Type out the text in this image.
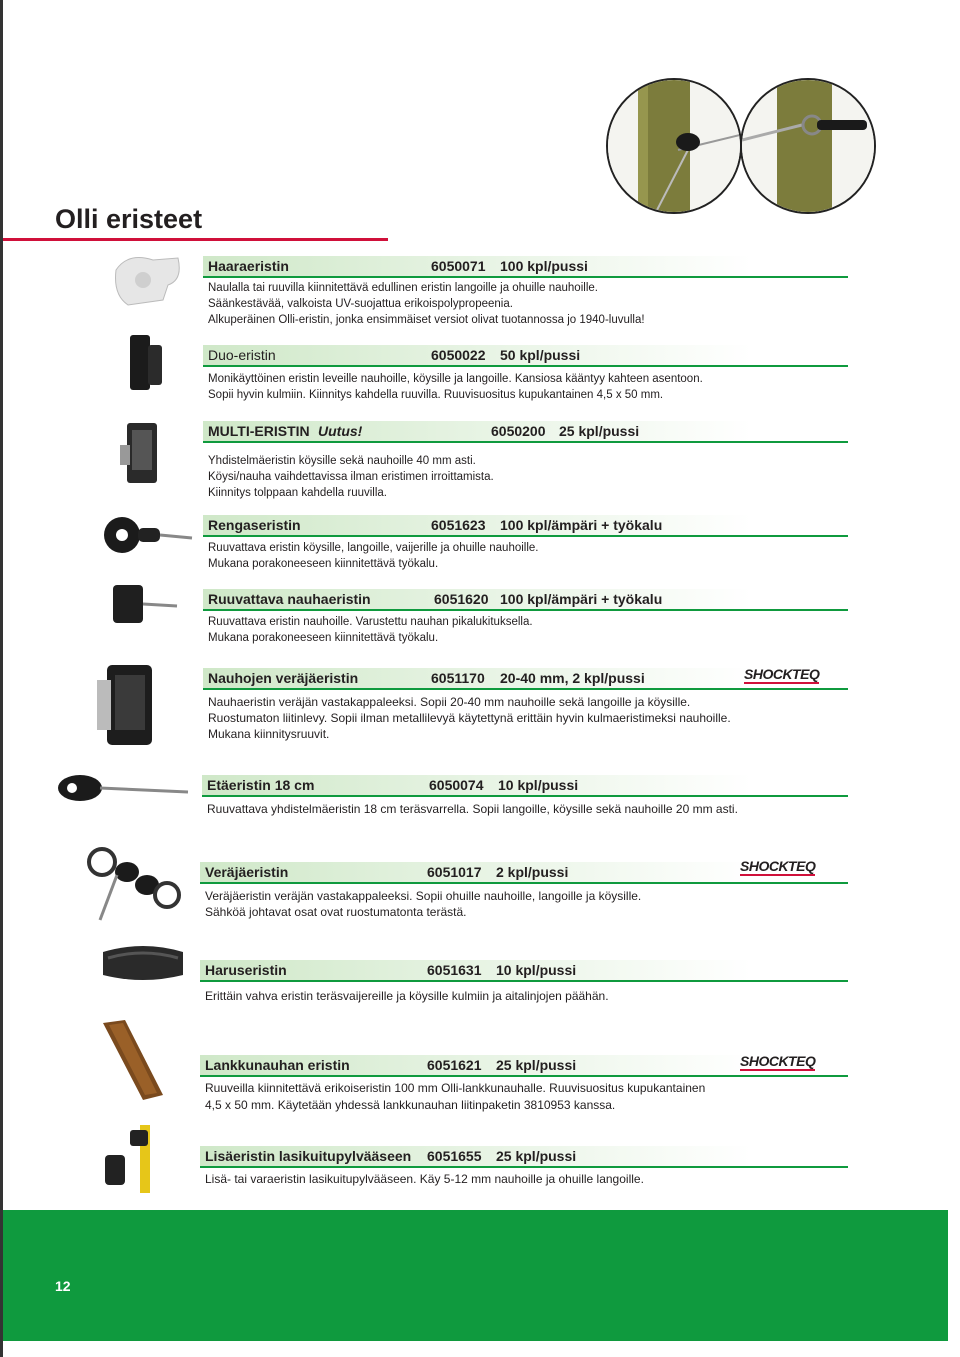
12
Olli eristeet
Haaraeristin	6050071 100 kpl/pussi
Naulalla tai ruuvilla kiinnitettävä edullinen eristin langoille ja ohuille nauhoille.
Säänkestävää, valkoista UV-suojattua erikoispolypropeenia.
Alkuperäinen Olli-eristin, jonka ensimmäiset versiot olivat tuotannossa jo 1940-luvulla!
Duo-eristin	6050022 50 kpl/pussi
Monikäyttöinen eristin leveille nauhoille, köysille ja langoille. Kansiosa kääntyy kahteen asentoon.
Sopii hyvin kulmiin. Kiinnitys kahdella ruuvilla. Ruuvisuositus kupukantainen 4,5 x 50 mm.
MULTI-ERISTIN Uutus!	6050200 25 kpl/pussi
Yhdistelmäeristin köysille sekä nauhoille 40 mm asti.
Köysi/nauha vaihdettavissa ilman eristimen irroittamista.
Kiinnitys tolppaan kahdella ruuvilla.
Rengaseristin	6051623 100 kpl/ämpäri + työkalu
Ruuvattava eristin köysille, langoille, vaijerille ja ohuille nauhoille.
Mukana porakoneeseen kiinnitettävä työkalu.
Ruuvattava nauhaeristin	6051620 100 kpl/ämpäri + työkalu
Ruuvattava eristin nauhoille. Varustettu nauhan pikalukituksella.
Mukana porakoneeseen kiinnitettävä työkalu.
Nauhojen veräjäeristin	6051170 20-40 mm, 2 kpl/pussi	SHOCKTEQ
Nauhaeristin veräjän vastakappaleeksi. Sopii 20-40 mm nauhoille sekä langoille ja köysille.
Ruostumaton liitinlevy. Sopii ilman metallilevyä käytettynä erittäin hyvin kulmaeristimeksi nauhoille.
Mukana kiinnitysruuvit.
Etäeristin 18 cm	6050074 10 kpl/pussi
Ruuvattava yhdistelmäeristin 18 cm teräsvarrella. Sopii langoille, köysille sekä nauhoille 20 mm asti.
Veräjäeristin	6051017 2 kpl/pussi	SHOCKTEQ
Veräjäeristin veräjän vastakappaleeksi. Sopii ohuille nauhoille, langoille ja köysille.
Sähköä johtavat osat ovat ruostumatonta terästä.
Haruseristin	6051631 10 kpl/pussi
Erittäin vahva eristin teräsvaijereille ja köysille kulmiin ja aitalinjojen päähän.
Lankkunauhan eristin	6051621 25 kpl/pussi	SHOCKTEQ
Ruuveilla kiinnitettävä erikoiseristin 100 mm Olli-lankkunauhalle. Ruuvisuositus kupukantainen
4,5 x 50 mm. Käytetään yhdessä lankkunauhan liitinpaketin 3810953 kanssa.
Lisäeristin lasikuitupylvääseen 6051655 25 kpl/pussi
Lisä- tai varaeristin lasikuitupylvääseen. Käy 5-12 mm nauhoille ja ohuille langoille.
